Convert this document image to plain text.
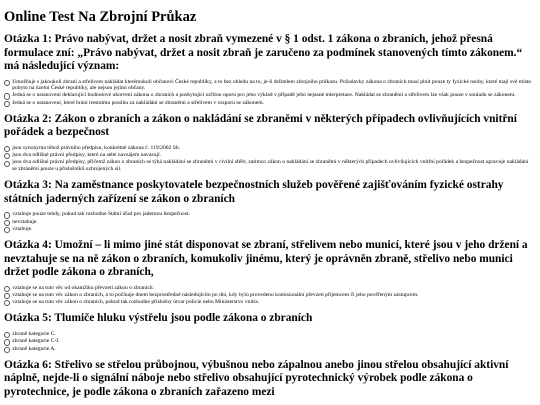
Online Test Na Zbrojní Průkaz
Otázka 1: Právo nabývat, držet a nosit zbraň vymezené v § 1 odst. 1 zákona o zbraních, jehož přesná formulace zní: „Právo nabývat, držet a nosit zbraň je zaručeno za podmínek stanovených tímto zákonem.“ má následující význam:
Umožňuje s jakoukoli zbraní a střelivem nakládat kterémukoli občanovi České republiky, a to bez ohledu na to, je-li držitelem zbrojního průkazu. Požadavky zákona o zbraních musí plnit pouze ty fyzické osoby, které mají své místo pobytu na území České republiky, ale nejsou jejími občany.
Jedná se o ustanovení deklarující hodnotové ukotvení zákona o zbraních a poskytující určitou oporu pro jeho výklad v případě jeho nejasné interpretace. Nakládat se zbraněmi a střelivem lze však pouze v souladu se zákonem.
Jedná se o ustanovení, které brání trestnímu postihu za nakládání se zbraněmi a střelivem v rozporu se zákonem.
Otázka 2: Zákon o zbraních a zákon o nakládání se zbraněmi v některých případech ovlivňujících vnitřní pořádek a bezpečnost
jsou synonyma téhož právního předpisu, konkrétně zákona č. 119/2002 Sb.
jsou dva odlišné právní předpisy, které na sebe navzájem navazují.
jsou dva odlišné právní předpisy, přičemž zákon o zbraních se týká nakládání se zbraněmi v civilní sféře, zatímco zákon o nakládání se zbraněmi v některých případech ovlivňujících vnitřní pořádek a bezpečnost upravuje nakládání se zbraněmi pouze u příslušníků ozbrojených sil.
Otázka 3: Na zaměstnance poskytovatele bezpečnostních služeb pověřené zajišťováním fyzické ostrahy státních jaderných zařízení se zákon o zbraních
vztahuje pouze tehdy, pokud tak rozhodne Státní úřad pro jadernou bezpečnost.
nevztahuje.
vztahuje.
Otázka 4: Umožní – li mimo jiné stát disponovat se zbraní, střelivem nebo municí, které jsou v jeho držení a nevztahuje se na ně zákon o zbraních, komukoliv jinému, který je oprávněn zbraně, střelivo nebo munici držet podle zákona o zbraních,
vztahuje se na tuto věc od okamžiku převzetí zákon o zbraních.
vztahuje se na tuto věc zákon o zbraních, a to počínaje dnem bezprostředně následujícím po dni, kdy bylo provedeno komisionální převzetí příjemcem či jeho pověřeným zástupcem.
vztahuje se na tuto věc zákon o zbraních, pokud tak rozhodne příslušný útvar policie nebo Ministerstvo vnitra.
Otázka 5: Tlumiče hluku výstřelu jsou podle zákona o zbraních
zbraně kategorie C.
zbraně kategorie C-I.
zbraně kategorie A.
Otázka 6: Střelivo se střelou průbojnou, výbušnou nebo zápalnou anebo jinou střelou obsahující aktivní náplně, nejde-li o signální náboje nebo střelivo obsahující pyrotechnický výrobek podle zákona o pyrotechnice, je podle zákona o zbraních zařazeno mezi
